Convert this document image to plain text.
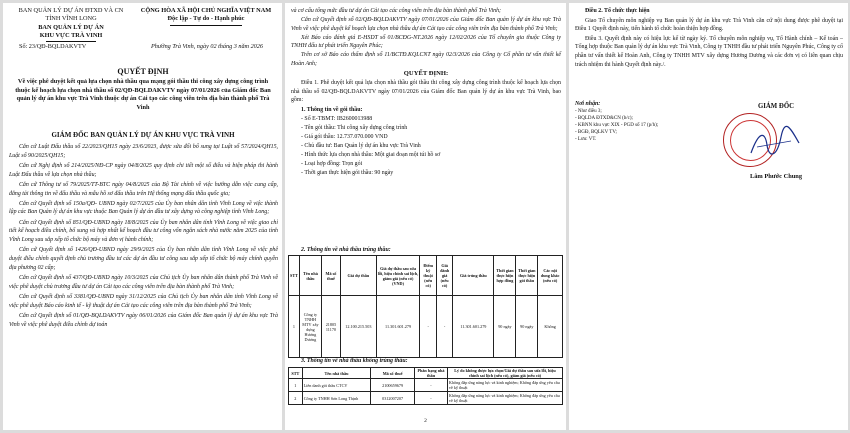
BAN QUẢN LÝ DỰ ÁN ĐTXD VÀ CN
TỈNH VĨNH LONG
BAN QUẢN LÝ DỰ ÁN
KHU VỰC TRÀ VINH
CỘNG HÒA XÃ HỘI CHỦ NGHĨA VIỆT NAM
Độc lập - Tự do - Hạnh phúc
Số: 23/QĐ-BQLDAKVTV	Phường Trà Vinh, ngày 02 tháng 3 năm 2026
QUYẾT ĐỊNH
Về việc phê duyệt kết quả lựa chọn nhà thầu qua mạng gói thầu thi công xây dựng công trình thuộc kế hoạch lựa chọn nhà thầu số 02/QĐ-BQLDAKVTV ngày 07/01/2026 của Giám đốc Ban quản lý dự án khu vực Trà Vinh thuộc dự án Cải tạo các công viên trên địa bàn thành phố Trà Vinh
GIÁM ĐỐC BAN QUẢN LÝ DỰ ÁN KHU VỰC TRÀ VINH

Căn cứ Luật Đấu thầu số 22/2023/QH15 ngày 23/6/2023, được sửa đổi bổ sung tại Luật số 57/2024/QH15, Luật số 90/2025/QH15;

Căn cứ Nghị định số 214/2025/NĐ-CP ngày 04/8/2025 quy định chi tiết một số điều và biện pháp thi hành Luật Đấu thầu về lựa chọn nhà thầu;

Căn cứ Thông tư số 79/2025/TT-BTC ngày 04/8/2025 của Bộ Tài chính về việc hướng dẫn việc cung cấp, đăng tải thông tin về đấu thầu và mẫu hồ sơ đấu thầu trên Hệ thống mạng đấu thầu quốc gia;

Căn cứ Quyết định số 150a/QĐ- UBND ngày 02/7/2025 của Ủy ban nhân dân tỉnh Vĩnh Long về việc thành lập các Ban Quản lý dự án khu vực thuộc Ban Quản lý dự án đầu tư xây dựng và công nghiệp tỉnh Vĩnh Long;

Căn cứ Quyết định số 851/QĐ-UBND ngày 18/8/2025 của Ủy ban nhân dân tỉnh Vĩnh Long về việc giao chỉ tiết kế hoạch điều chỉnh, bổ sung và hợp nhất kế hoạch đầu tư công vốn ngân sách nhà nước năm 2025 của tỉnh Vĩnh Long sau sắp xếp tổ chức bộ máy và đơn vị hành chính;

Căn cứ Quyết định số 1426/QĐ-UBND ngày 29/9/2025 của Ủy ban nhân dân tỉnh Vĩnh Long về việc phê duyệt điều chỉnh quyết định chủ trương đầu tư các dự án đầu tư công sau sắp xếp tổ chức bộ máy chính quyền địa phương 02 cấp;

Căn cứ Quyết định số 437/QĐ-UBND ngày 10/3/2025 của Chủ tịch Ủy ban nhân dân thành phố Trà Vinh về việc phê duyệt chủ trương đầu tư dự án Cải tạo các công viên trên địa bàn thành phố Trà Vinh;

Căn cứ Quyết định số 3381/QĐ-UBND ngày 31/12/2025 của Chủ tịch Ủy ban nhân dân tỉnh Vĩnh Long về việc phê duyệt Báo cáo kinh tế - kỹ thuật dự án Cải tạo các công viên trên địa bàn thành phố Trà Vinh;

Căn cứ Quyết định số 01/QĐ-BQLDAKVTV ngày 06/01/2026 của Giám đốc Ban quản lý dự án khu vực Trà Vinh về việc phê duyệt điều chỉnh dự toán

và cơ cấu tổng mức đầu tư dự án Cải tạo các công viên trên địa bàn thành phố Trà Vinh;

Căn cứ Quyết định số 02/QĐ-BQLDAKVTV ngày 07/01/2026 của Giám đốc Ban quản lý dự án khu vực Trà Vinh về việc phê duyệt kế hoạch lựa chọn nhà thầu dự án Cải tạo các công viên trên địa bàn thành phố Trà Vinh;

Xét Báo cáo đánh giá E-HSDT số 01/BCĐG-NT.2026 ngày 12/02/2026 của Tổ chuyên gia thuộc Công ty TNHH đấu tư phát triển Nguyên Phúc;

Trên cơ sở Báo cáo thẩm định số 11/BCTĐ.KQLCNT ngày 02/3/2026 của Công ty Cổ phần tư vấn thiết kế Hoàn Anh;

QUYẾT ĐỊNH:

Điều 1. Phê duyệt kết quả lựa chọn nhà thầu gói thầu thi công xây dựng công trình thuộc kế hoạch lựa chọn nhà thầu số 02/QĐ-BQLDAKVTV ngày 07/01/2026 của Giám đốc Ban quản lý dự án khu vực Trà Vinh, bao gồm:

1. Thông tin về gói thầu:

- Số E-TBMT: IB2600013988

- Tên gói thầu: Thi công xây dựng công trình

- Giá gói thầu: 12.737.070.000 VND

- Chủ đầu tư: Ban Quản lý dự án khu vực Trà Vinh

- Hình thức lựa chọn nhà thầu: Một giai đoạn một túi hồ sơ

- Loại hợp đồng: Trọn gói

- Thời gian thực hiện gói thầu: 90 ngày

2. Thông tin về nhà thầu trúng thầu:
STT	Tên nhà thầu	Mã số thuế	Giá dự thầu	Giá dự thầu sau sửa lỗi, hiệu chỉnh sai lệch, giảm giá (nếu có) (VND)	Điểm kỹ thuật (nếu có)	Giá đánh giá (nếu có)	Giá trúng thầu	Thời gian thực hiện hợp đồng	Thời gian thực hiện gói thầu	Các nội dung khác (nếu có)
1	Công ty TNHH MTV xây dựng Hương Dương	21805 11170	12.100.215.503	11.301.601.279	-	-	11.301.601.279	90 ngày	90 ngày	Không
3. Thông tin về nhà thầu không trúng thầu:
STT	Tên nhà thầu	Mã số thuế	Phân hạng nhà thầu	Lý do không được lựa chọn/Giá dự thầu sau sửa lỗi, hiệu chỉnh sai lệch (nếu có), giảm giá (nếu có)
1	Liên danh gói thầu CTCV	2100659679	-	Không đáp ứng năng lực và kinh nghiệm; Không đáp ứng yêu cầu về kỹ thuật
2	Công ty TNHH Sơn Long Thịnh	0312007207	-	Không đáp ứng năng lực và kinh nghiệm; Không đáp ứng yêu cầu về kỹ thuật
2

Điều 2. Tổ chức thực hiện

Giao Tổ chuyên môn nghiệp vụ Ban quản lý dự án khu vực Trà Vinh căn cứ nội dung được phê duyệt tại Điều 1 Quyết định này, tiến hành tổ chức hoàn thiện hợp đồng.

Điều 3. Quyết định này có hiệu lực kể từ ngày ký. Tổ chuyên môn nghiệp vụ, Tổ Hành chính – Kế toán – Tổng hợp thuộc Ban quản lý dự án khu vực Trà Vinh, Công ty TNHH đầu tư phát triển Nguyên Phúc, Công ty cổ phần tư vấn thiết kế Hoàn Anh, Công ty TNHH MTV xây dựng Hương Dương và các đơn vị có liên quan chịu trách nhiệm thi hành Quyết định này./.

Nơi nhận:
- Như điều 3;
- BQLDA ĐTXD&CN (b/c);
- KBNN khu vực XIX - PGD số 17 (p/h);
- BGĐ, BQLKV TV;
- Lưu: VT.
GIÁM ĐỐC
Lâm Phước Chung
